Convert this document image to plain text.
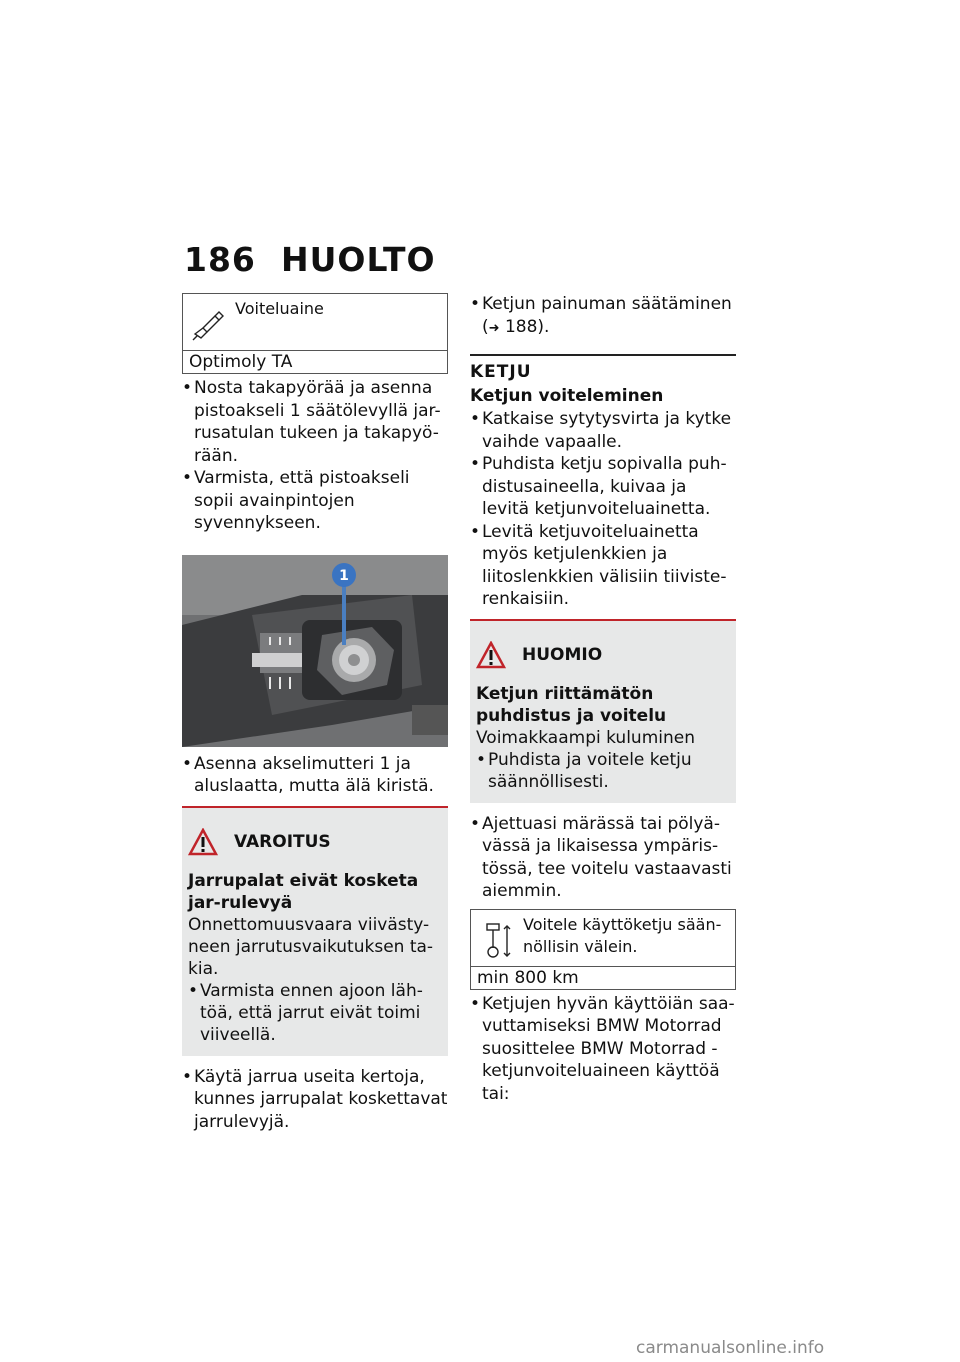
186 HUOLTO
Voiteluaine
Optimoly TA

• Nosta takapyörää ja asenna pistoakseli 1 säätölevyllä jar-rusatulan tukeen ja takapyö-rään.

• Varmista, että pistoakseli sopii avainpintojen syvennykseen.

1

• Asenna akselimutteri 1 ja aluslaatta, mutta älä kiristä.

VAROITUS
Jarrupalat eivät kosketa jar-rulevyä
Onnettomuusvaara viivästy-neen jarrutusvaikutuksen ta-kia.
• Varmista ennen ajoon läh-töä, että jarrut eivät toimi viiveellä.

• Käytä jarrua useita kertoja, kunnes jarrupalat koskettavat jarrulevyjä.

• Ketjun painuman säätäminen
(➜ 188).

KETJU
Ketjun voiteleminen

• Katkaise sytytysvirta ja kytke vaihde vapaalle.

• Puhdista ketju sopivalla puh-distusaineella, kuivaa ja levitä ketjunvoiteluainetta.

• Levitä ketjuvoiteluainetta myös ketjulenkkien ja liitoslenkkien välisiin tiiviste-renkaisiin.

HUOMIO
Ketjun riittämätön puhdistus ja voitelu
Voimakkaampi kuluminen
• Puhdista ja voitele ketju säännöllisesti.

• Ajettuasi märässä tai pölyä-vässä ja likaisessa ympäris-tössä, tee voitelu vastaavasti aiemmin.

Voitele käyttöketju sään-nöllisin välein.
min 800 km

• Ketjujen hyvän käyttöiän saa-vuttamiseksi BMW Motorrad suosittelee BMW Motorrad -ketjunvoiteluaineen käyttöä tai:

carmanualsonline.info
